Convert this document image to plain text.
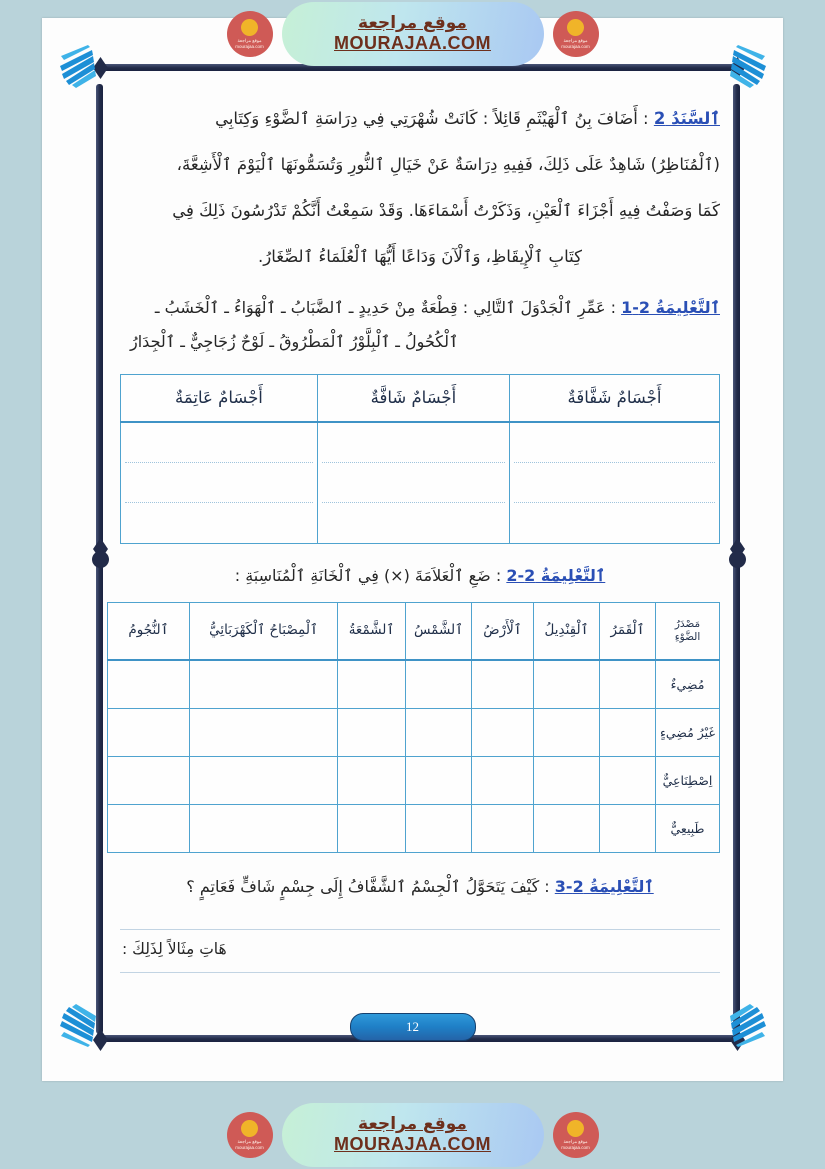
موقع مراجعة
mourajaa.com
موقع مراجعة
MOURAJAA.COM
موقع مراجعة
mourajaa.com

ٱلسَّنَدُ 2 : أَضَافَ بِنُ ٱلْهَيْثَمِ قَائِلاً : كَانَتْ شُهْرَتِي فِي دِرَاسَةِ ٱلضَّوْءِ وَكِتَابِي

(ٱلْمُنَاظِرُ) شَاهِدٌ عَلَى ذَلِكَ، فَفِيهِ دِرَاسَةٌ عَنْ خَيَالِ ٱلنُّورِ وَتُسَمُّونَهَا ٱلْيَوْمَ ٱلْأَشِعَّةَ،

كَمَا وَصَفْتُ فِيهِ أَجْزَاءَ ٱلْعَيْنِ، وَذَكَرْتُ أَسْمَاءَهَا. وَقَدْ سَمِعْتُ أَنَّكُمْ تَدْرُسُونَ ذَلِكَ فِي

كِتَابِ ٱلْإِيقَاظِ، وَٱلْآنَ وَدَاعًا أَيُّهَا ٱلْعُلَمَاءُ ٱلصِّغَارُ.

ٱلتَّعْلِيمَةُ 2-1 : عَمِّرِ ٱلْجَدْوَلَ ٱلتَّالِي : قِطْعَةٌ مِنْ حَدِيدٍ ـ ٱلضَّبَابُ ـ ٱلْهَوَاءُ ـ ٱلْخَشَبُ ـ
ٱلْكُحُولُ ـ ٱلْبِلَّوْرُ ٱلْمَطْرُوقُ ـ لَوْحٌ زُجَاجِيٌّ ـ ٱلْجِدَارُ
أَجْسَامٌ شَفَّافَةٌ	أَجْسَامٌ شَافَّةٌ	أَجْسَامٌ عَاتِمَةٌ

ٱلتَّعْلِيمَةُ 2-2 : ضَعِ ٱلْعَلاَمَةَ (×) فِي ٱلْخَانَةِ ٱلْمُنَاسِبَةِ :
مَصْدَرُ
الضَّوْءِ	ٱلْقَمَرُ	ٱلْقِنْدِيلُ	ٱلْأَرْضُ	ٱلشَّمْسُ	ٱلشَّمْعَةُ	ٱلْمِصْبَاحُ ٱلْكَهْرَبَائِيُّ	ٱلنُّجُومُ
مُضِيءٌ							
غَيْرُ مُضِيءٍ							
اِصْطِنَاعِيٌّ							
طَبِيعِيٌّ							
ٱلتَّعْلِيمَةُ 2-3 : كَيْفَ يَتَحَوَّلُ ٱلْجِسْمُ ٱلشَّفَّافُ إِلَى جِسْمٍ شَافٍّ فَعَاتِمٍ ؟
هَاتِ مِثَالاً لِذَلِكَ :
12
موقع مراجعة
mourajaa.com
موقع مراجعة
MOURAJAA.COM
موقع مراجعة
mourajaa.com
